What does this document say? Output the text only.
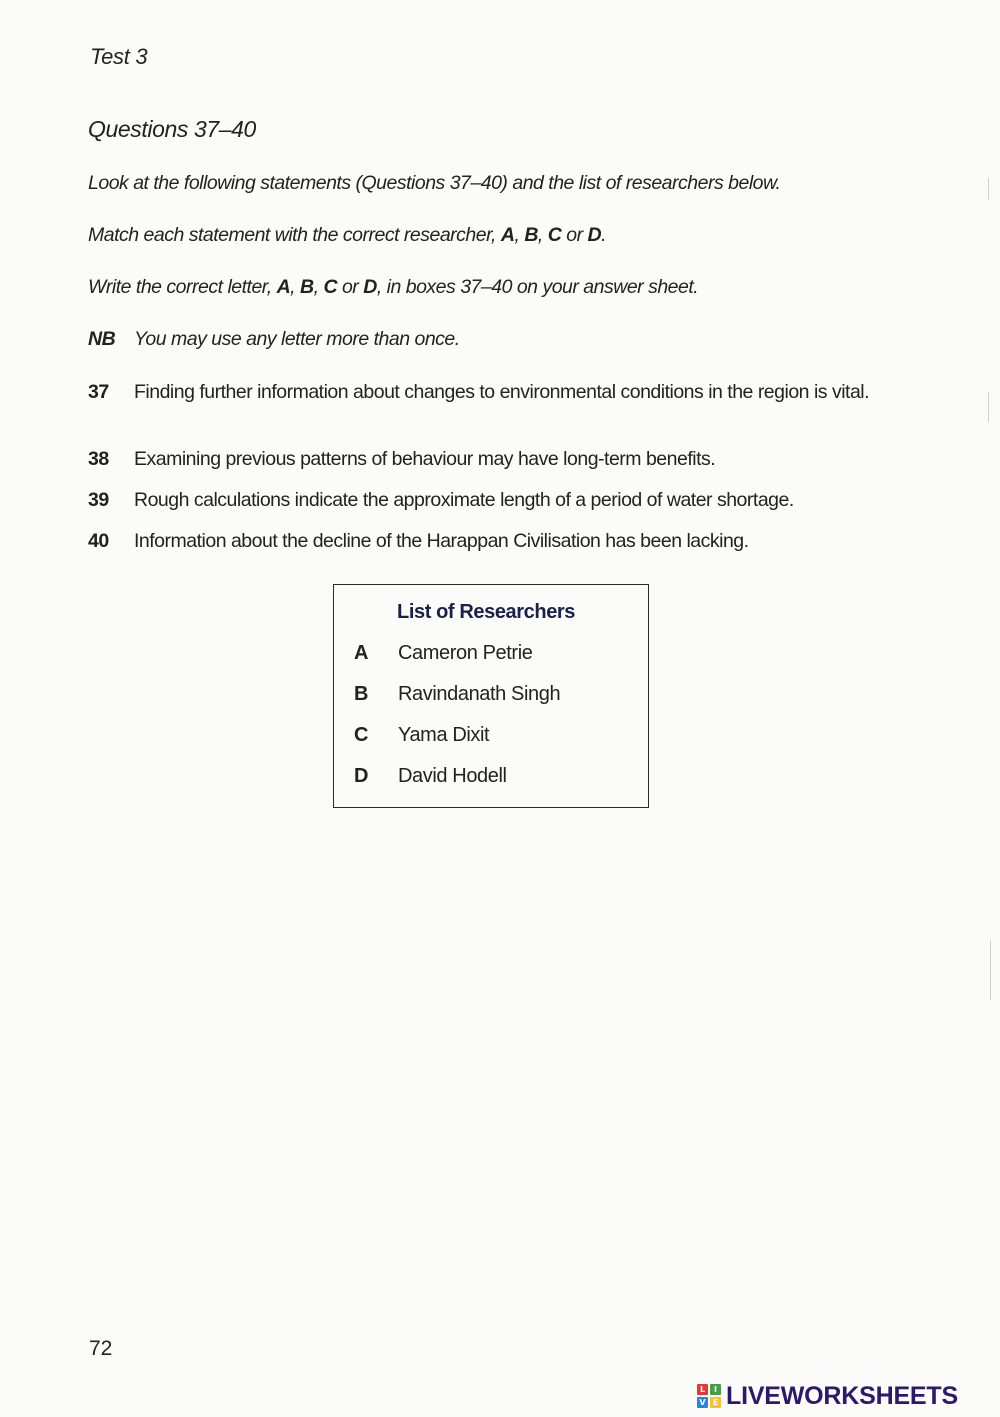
Test 3
Questions 37–40
Look at the following statements (Questions 37–40) and the list of researchers below.
Match each statement with the correct researcher, A, B, C or D.
Write the correct letter, A, B, C or D, in boxes 37–40 on your answer sheet.
NB You may use any letter more than once.
37 Finding further information about changes to environmental conditions in the region is vital.
38 Examining previous patterns of behaviour may have long-term benefits.
39 Rough calculations indicate the approximate length of a period of water shortage.
40 Information about the decline of the Harappan Civilisation has been lacking.
List of Researchers
A Cameron Petrie
B Ravindanath Singh
C Yama Dixit
D David Hodell
72
L	I
V E LIVEWORKSHEETS
